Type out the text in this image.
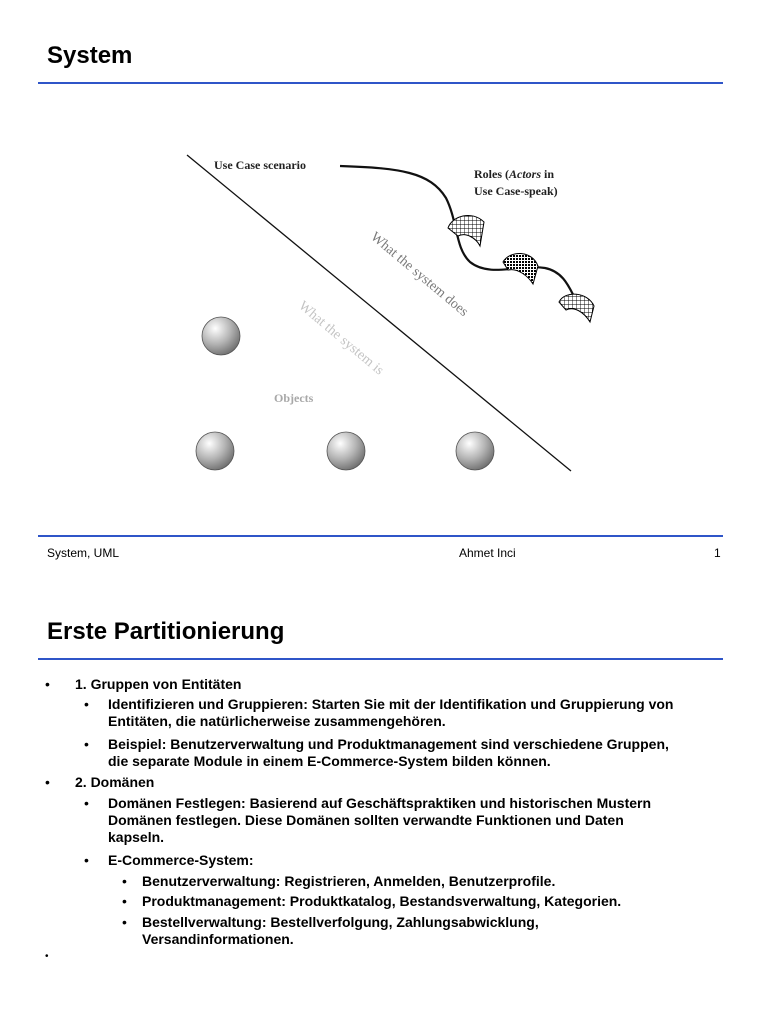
System
Use Case scenario
Roles (Actors in
Use Case-speak)
What the system does
What the system is
Objects
System, UML	Ahmet Inci	1
Erste Partitionierung
• 1. Gruppen von Entitäten
• Identifizieren und Gruppieren: Starten Sie mit der Identifikation und Gruppierung von
Entitäten, die natürlicherweise zusammengehören.
• Beispiel: Benutzerverwaltung und Produktmanagement sind verschiedene Gruppen,
die separate Module in einem E-Commerce-System bilden können.
• 2. Domänen
• Domänen Festlegen: Basierend auf Geschäftspraktiken und historischen Mustern
Domänen festlegen. Diese Domänen sollten verwandte Funktionen und Daten
kapseln.
• E-Commerce-System:
• Benutzerverwaltung: Registrieren, Anmelden, Benutzerprofile.
• Produktmanagement: Produktkatalog, Bestandsverwaltung, Kategorien.
• Bestellverwaltung: Bestellverfolgung, Zahlungsabwicklung,
Versandinformationen.
•
